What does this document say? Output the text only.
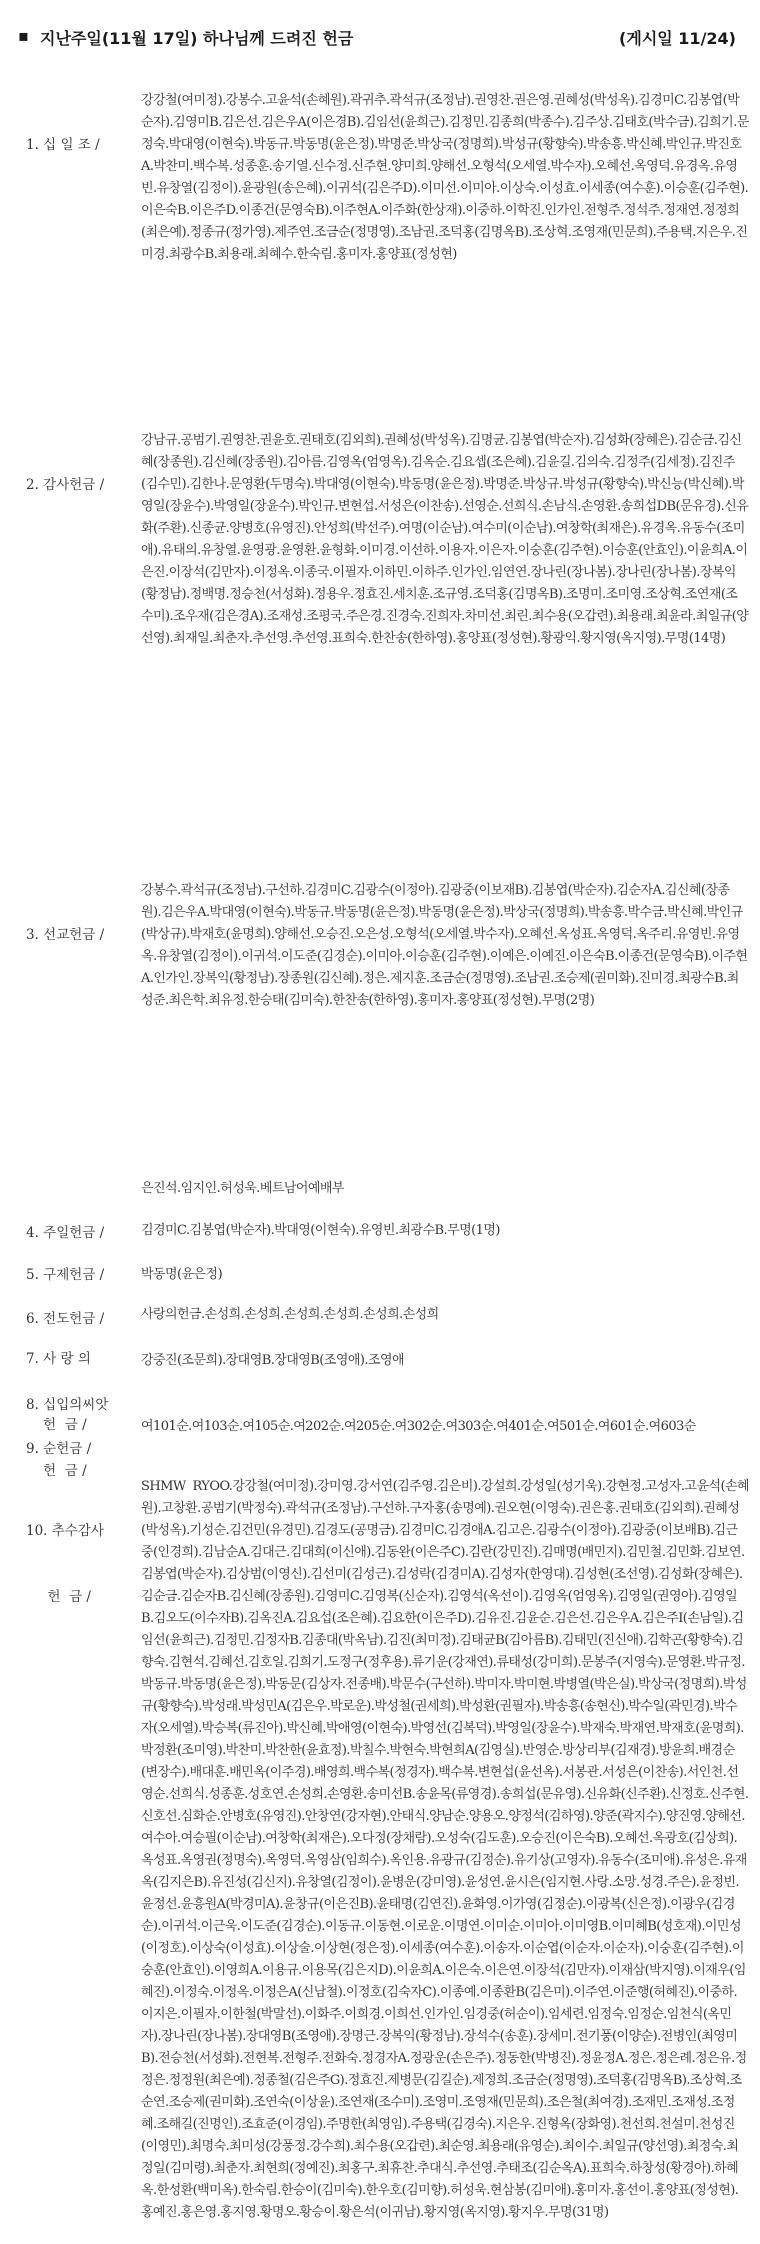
▪ 지난주일(11월 17일) 하나님께 드려진 헌금	(게시일 11/24)

1. 십 일 조 /

강강철(여미정).강봉수.고윤석(손혜원).곽귀추.곽석규(조정남).권영찬.권은영.권혜성(박성옥).김경미C.김봉엽(박순자).김영미B.김은선.김은우A(이은경B).김임선(윤희근).김정민.김종희(박종수).김주상.김태호(박수금).김희기.문정숙.박대영(이현숙).박동규.박동명(윤은정).박명준.박상국(정명희).박성규(황향숙).박송흥.박신혜.박인규.박진호A.박찬미.백수복.성종훈.송기열.신수정.신주현.양미희.양해선.오형석(오세열.박수자).오혜선.옥영덕.유경옥.유영빈.유창열(김정이).윤광원(송은혜).이귀석(김은주D).이미선.이미아.이상숙.이성효.이세종(여수훈).이승훈(김주현).이은숙B.이은주D.이종건(문영숙B).이주현A.이주화(한상재).이중하.이학진.인가인.전형주.정석주.정재연.정정희(최은예).정종규(정가영).제주연.조금순(정명영).조남권.조덕홍(김명옥B).조상혁.조영재(민문희).주용택.지은우.진미경.최광수B.최용래.최혜수.한숙림.홍미자.홍양표(정성현)

2. 감사헌금 /

강남규.공범기.권영찬.권윤호.권태호(김외희).권혜성(박성옥).김명균.김봉엽(박순자).김성화(장혜은).김순금.김신혜(장종원).김신혜(장종원).김아름.김영옥(엄영옥).김옥순.김요셉(조은혜).김윤길.김의숙.김정주(김세정).김진주(김수민).김한나.문영환(두명숙).박대영(이현숙).박동명(윤은정).박명준.박상규.박성규(황향숙).박신능(박신혜).박영일(장윤수).박영일(장윤수).박인규.변현섭.서성은(이찬송).선영순.선희식.손남식.손영환.송희섭DB(문유경).신유화(주환).신종균.양병호(유영진).안성희(박선주).여명(이순남).여수미(이순남).여창학(최재은).유경옥.유동수(조미애).유태의.유창열.윤영광.윤영환.윤형화.이미경.이선하.이용자.이은자.이숭훈(김주현).이승훈(안효인).이윤희A.이은진.이장석(김만자).이정옥.이종국.이필자.이하민.이하주.인가인.임연연.장나린(장나봄).장나린(장나봄).장복익(황정남).정백명.정승천(서성화).정용우.정효진.세치훈.조규영.조덕홍(김명옥B).조명미.조미영.조상혁.조연재(조수미).조우재(김은경A).조재성.조평국.주은경.진경숙.진희자.차미선.최린.최수용(오갑련).최용래.최윤라.최일규(양선영).최재일.최춘자.추선영.추선영.표희숙.한찬송(한하영).홍양표(정성현).황광익.황지영(옥지영).무명(14명)

3. 선교헌금 /

강봉수.곽석규(조정남).구선하.김경미C.김광수(이정아).김광중(이보재B).김봉엽(박순자).김순자A.김신혜(장종원).김은우A.박대영(이현숙).박동규.박동명(윤은정).박동명(윤은정).박상국(정명희).박송흥.박수금.박신혜.박인규(박상규).박재호(윤명희).양해선.오승진.오은성.오형석(오세열.박수자).오혜선.옥성표.옥영덕.옥주리.유영빈.유영옥.유창열(김정이).이귀석.이도준(김경순).이미아.이승훈(김주현).이예은.이예진.이은숙B.이종건(문영숙B).이주현A.인가인.장복익(황정남).장종원(김신혜).정은.제지훈.조금순(정명영).조남권.조승제(권미화).진미경.최광수B.최성준.최은학.최유정.한승태(김미숙).한찬송(한하영).홍미자.홍양표(정성현).무명(2명)

4. 주일헌금 /

은진석.임지인.허성욱.베트남어예배부

5. 구제헌금 /

김경미C.김봉엽(박순자).박대영(이현숙).유영빈.최광수B.무명(1명)

6. 전도헌금 /

박동명(윤은정)

7. 사 랑 의

헌  금 /

사랑의헌금.손성희.손성희.손성희.손성희.손성희.손성희

8. 십입의씨앗

헌  금 /

강중진(조문희).장대영B.장대영B(조영애).조영애

9. 순헌금 /

여101순.여103순.여105순.여202순.여205순.여302순.여303순.여401순.여501순.여601순.여603순

10. 추수감사

헌  금 /

SHMW RYOO.강강철(여미정).강미영.강서연(김주영.김은비).강설희.강성일(성기욱).강현정.고성자.고윤석(손혜원).고창환.공범기(박정숙).곽석규(조정남).구선하.구자홍(송명예).권오현(이영숙).권은홍.권태호(김외희).권혜성(박성옥).기성순.김건민(유경민).김경도(공명금).김경미C.김경애A.김고은.김광수(이정아).김광중(이보배B).김근중(인경희).김남순A.김대근.김대희(이신애).김동완(이은주C).김란(강민진).김매명(배민지).김민철.김민화.김보연.김봉엽(박순자).김상범(이영신).김선미(김성근).김성락(김경미A).김성자(한영대).김성현(조선영).김성화(장혜은).김순금.김순자B.김신혜(장종원).김영미C.김영복(신순자).김영석(옥선이).김영옥(엄영옥).김영일(권영아).김영일B.김오도(이수자B).김옥진A.김요섭(조은혜).김요한(이은주D).김유진.김윤순.김은선.김은우A.김은주I(손남일).김임선(윤희근).김정민.김정자B.김종대(박옥남).김진(최미정).김태균B(김아름B).김태민(진신애).김학곤(황향숙).김향숙.김현석.김혜선.김호일.김희기.도정구(정후용).류기운(강재연).류태성(강미희).문봉주(지영숙).문영환.박규정.박동규.박동명(윤은정).박동문(김상자.전종배).박문수(구선하).박미자.박미현.박병열(박은실).박상국(정명희).박성규(황향숙).박성래.박성민A(김은우.박로운).박성철(권세희).박성환(권필자).박송흥(송현신).박수일(곽민경).박수자(오세열).박승복(류진아).박신혜.박애영(이현숙).박영선(김복덕).박영일(장윤수).박재숙.박재연.박재호(윤명희).박정환(조미영).박찬미.박찬한(윤효정).박칠수.박현숙.박현희A(김영실).반영순.방상리부(김재경).방윤희.배경순(변장수).배대훈.배민옥(이주경).배영희.백수복(정경자).백수복.변현섭(윤선옥).서봉관.서성은(이찬송).서인천.선영순.선희식.성종훈.성호연.손성희.손영환.송미선B.송윤목(류영경).송희섭(문유영).신유화(신주환).신정호.신주현.신호선.심화순.안병호(유영진).안창연(강자현).안태식.양남순.양용오.양정석(김하영).양준(곽지수).양진영.양해선.여수아.여승필(이순남).여창학(최재은).오다정(장채람).오성숙(김도훈).오승진(이은숙B).오혜선.옥광호(김상희).옥성표.옥영권(정명숙).옥영덕.옥영삼(임희수).옥인용.유광규(김정순).유기상(고영자).유동수(조미애).유성은.유재옥(김지은B).유진성(김신지).유창열(김정이).윤병운(강미영).윤성연.윤시은(임지현.사랑.소망.성경.주은).윤정빈.윤정선.윤흥원A(박경미A).윤창규(이은진B).윤태명(김연진).윤화영.이가영(김정순).이광복(신은정).이광우(김경순).이귀석.이근욱.이도준(김경순).이동규.이동현.이로운.이명연.이미순.이미아.이미영B.이미혜B(성호재).이민성(이정호).이상숙(이성효).이상술.이상현(정은정).이세종(여수훈).이송자.이순엽(이순자.이순자).이숭훈(김주현).이숭훈(안효인).이영희A.이용규.이용목(김은지D).이윤희A.이은숙.이은연.이장석(김만자).이재삼(박지영).이재우(임혜진).이정숙.이정옥.이정은A(신남철).이정호(김숙자C).이종예.이종환B(김은미).이주연.이준행(허혜진).이중하.이지은.이필자.이한철(박말선).이화주.이희경.이희선.인가인.임경중(허순이).임세련.임정숙.임정순.임천식(옥민자).장나린(장나봄).장대영B(조영애).장명근.장복익(황정남).장석수(송훈).장세미.전기풍(이양순).전병인(최영미B).전승천(서성화).전현복.전형주.전화숙.정경자A.정광운(손은주).정동한(박병진).정윤정A.정은.정은례.정은유.정정은.정정원(최은예).정종철(김은주G).정효진.제병문(김길순).제정희.조금순(정명영).조덕홍(김명옥B).조상혁.조순연.조승제(권미화).조연숙(이상윤).조연재(조수미).조영미.조영재(민문희).조은철(최여경).조재민.조재성.조정혜.조해길(진명인).조효준(이경임).주명한(최영임).주용택(김경숙).지은우.진형옥(장화영).천선희.천설미.천성진(이영민).최명숙.최미성(강풍정.강수희).최수용(오갑련).최순영.최용래(유영순).최이수.최일규(양선영).최정숙.최정일(김미령).최춘자.최현희(정예진).최홍구.최휴찬.추대식.추선영.추태조(김순옥A).표희숙.하창성(황경아).하혜옥.한성환(백미옥).한숙림.한승이(김미숙).한우호(김미향).허성욱.현삼봉(김미애).홍미자.홍선이.홍양표(정성현).홍예진.홍은영.홍지영.황명오.황승이.황은석(이귀남).황지영(옥지영).황지우.무명(31명)
